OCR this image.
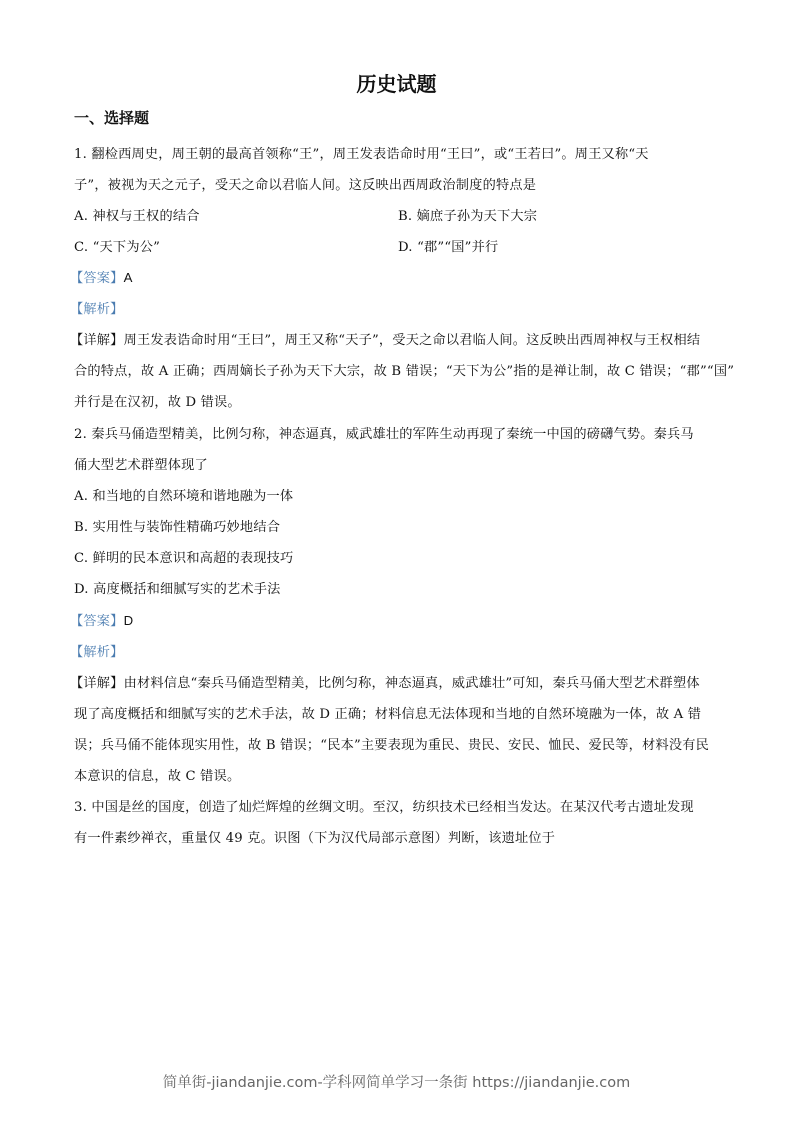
历史试题
一、选择题
1. 翻检西周史，周王朝的最高首领称“王”，周王发表诰命时用“王曰”，或“王若曰”。周王又称“天
子”，被视为天之元子，受天之命以君临人间。这反映出西周政治制度的特点是
A. 神权与王权的结合	B. 嫡庶子孙为天下大宗
C. “天下为公”	D. “郡”“国”并行
【答案】A
【解析】
【详解】周王发表诰命时用“王曰”，周王又称“天子”，受天之命以君临人间。这反映出西周神权与王权相结
合的特点，故 A 正确；西周嫡长子孙为天下大宗，故 B 错误；“天下为公”指的是禅让制，故 C 错误；“郡”“国”
并行是在汉初，故 D 错误。
2. 秦兵马俑造型精美，比例匀称，神态逼真，威武雄壮的军阵生动再现了秦统一中国的磅礴气势。秦兵马
俑大型艺术群塑体现了
A. 和当地的自然环境和谐地融为一体
B. 实用性与装饰性精确巧妙地结合
C. 鲜明的民本意识和高超的表现技巧
D. 高度概括和细腻写实的艺术手法
【答案】D
【解析】
【详解】由材料信息“秦兵马俑造型精美，比例匀称，神态逼真，威武雄壮”可知，秦兵马俑大型艺术群塑体
现了高度概括和细腻写实的艺术手法，故 D 正确；材料信息无法体现和当地的自然环境融为一体，故 A 错
误；兵马俑不能体现实用性，故 B 错误；“民本”主要表现为重民、贵民、安民、恤民、爱民等，材料没有民
本意识的信息，故 C 错误。
3. 中国是丝的国度，创造了灿烂辉煌的丝绸文明。至汉，纺织技术已经相当发达。在某汉代考古遗址发现
有一件素纱禅衣，重量仅 49 克。识图（下为汉代局部示意图）判断，该遗址位于
简单街-jiandanjie.com-学科网简单学习一条街 https://jiandanjie.com
